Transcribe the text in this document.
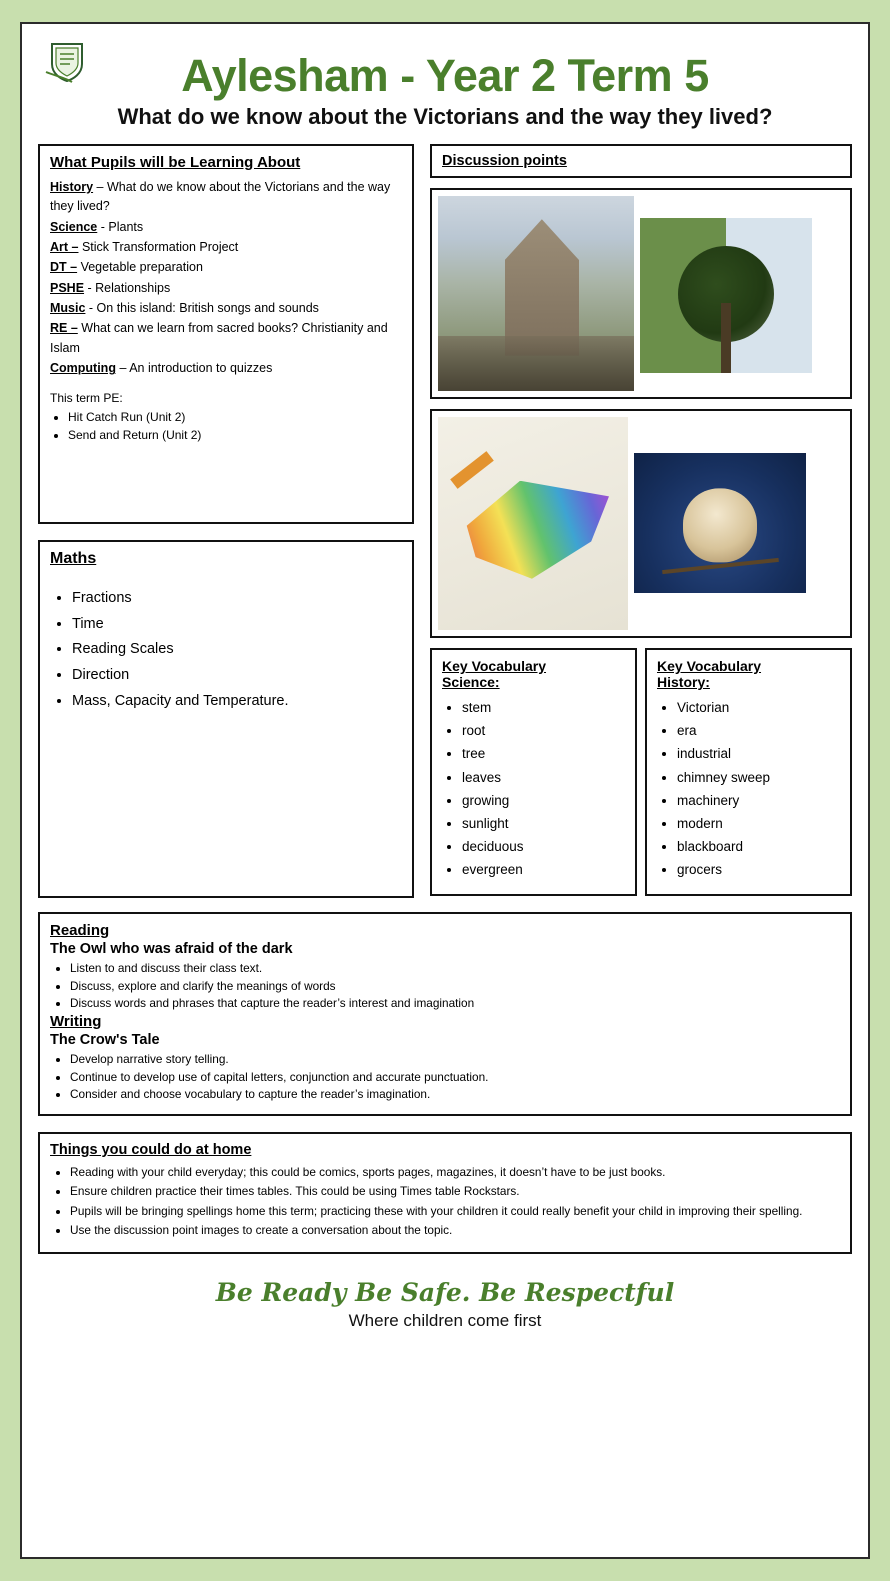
Aylesham - Year 2 Term 5
What do we know about the Victorians and the way they lived?
What Pupils will be Learning About
History – What do we know about the Victorians and the way they lived?
Science - Plants
Art – Stick Transformation Project
DT – Vegetable preparation
PSHE - Relationships
Music - On this island: British songs and sounds
RE – What can we learn from sacred books? Christianity and Islam
Computing – An introduction to quizzes
This term PE:
• Hit Catch Run (Unit 2)
• Send and Return (Unit 2)
Maths
• Fractions
• Time
• Reading Scales
• Direction
• Mass, Capacity and Temperature.
Discussion points
Key Vocabulary
Science:
• stem
• root
• tree
• leaves
• growing
• sunlight
• deciduous
• evergreen
Key Vocabulary
History:
• Victorian
• era
• industrial
• chimney sweep
• machinery
• modern
• blackboard
• grocers
Reading
The Owl who was afraid of the dark
• Listen to and discuss their class text.
• Discuss, explore and clarify the meanings of words
• Discuss words and phrases that capture the reader’s interest and imagination
Writing
The Crow's Tale
• Develop narrative story telling.
• Continue to develop use of capital letters, conjunction and accurate punctuation.
• Consider and choose vocabulary to capture the reader’s imagination.
Things you could do at home
• Reading with your child everyday; this could be comics, sports pages, magazines, it doesn’t have to be just books.
• Ensure children practice their times tables. This could be using Times table Rockstars.
• Pupils will be bringing spellings home this term; practicing these with your children it could really benefit your child in improving their spelling.
• Use the discussion point images to create a conversation about the topic.
Be Ready Be Safe. Be Respectful
Where children come first
